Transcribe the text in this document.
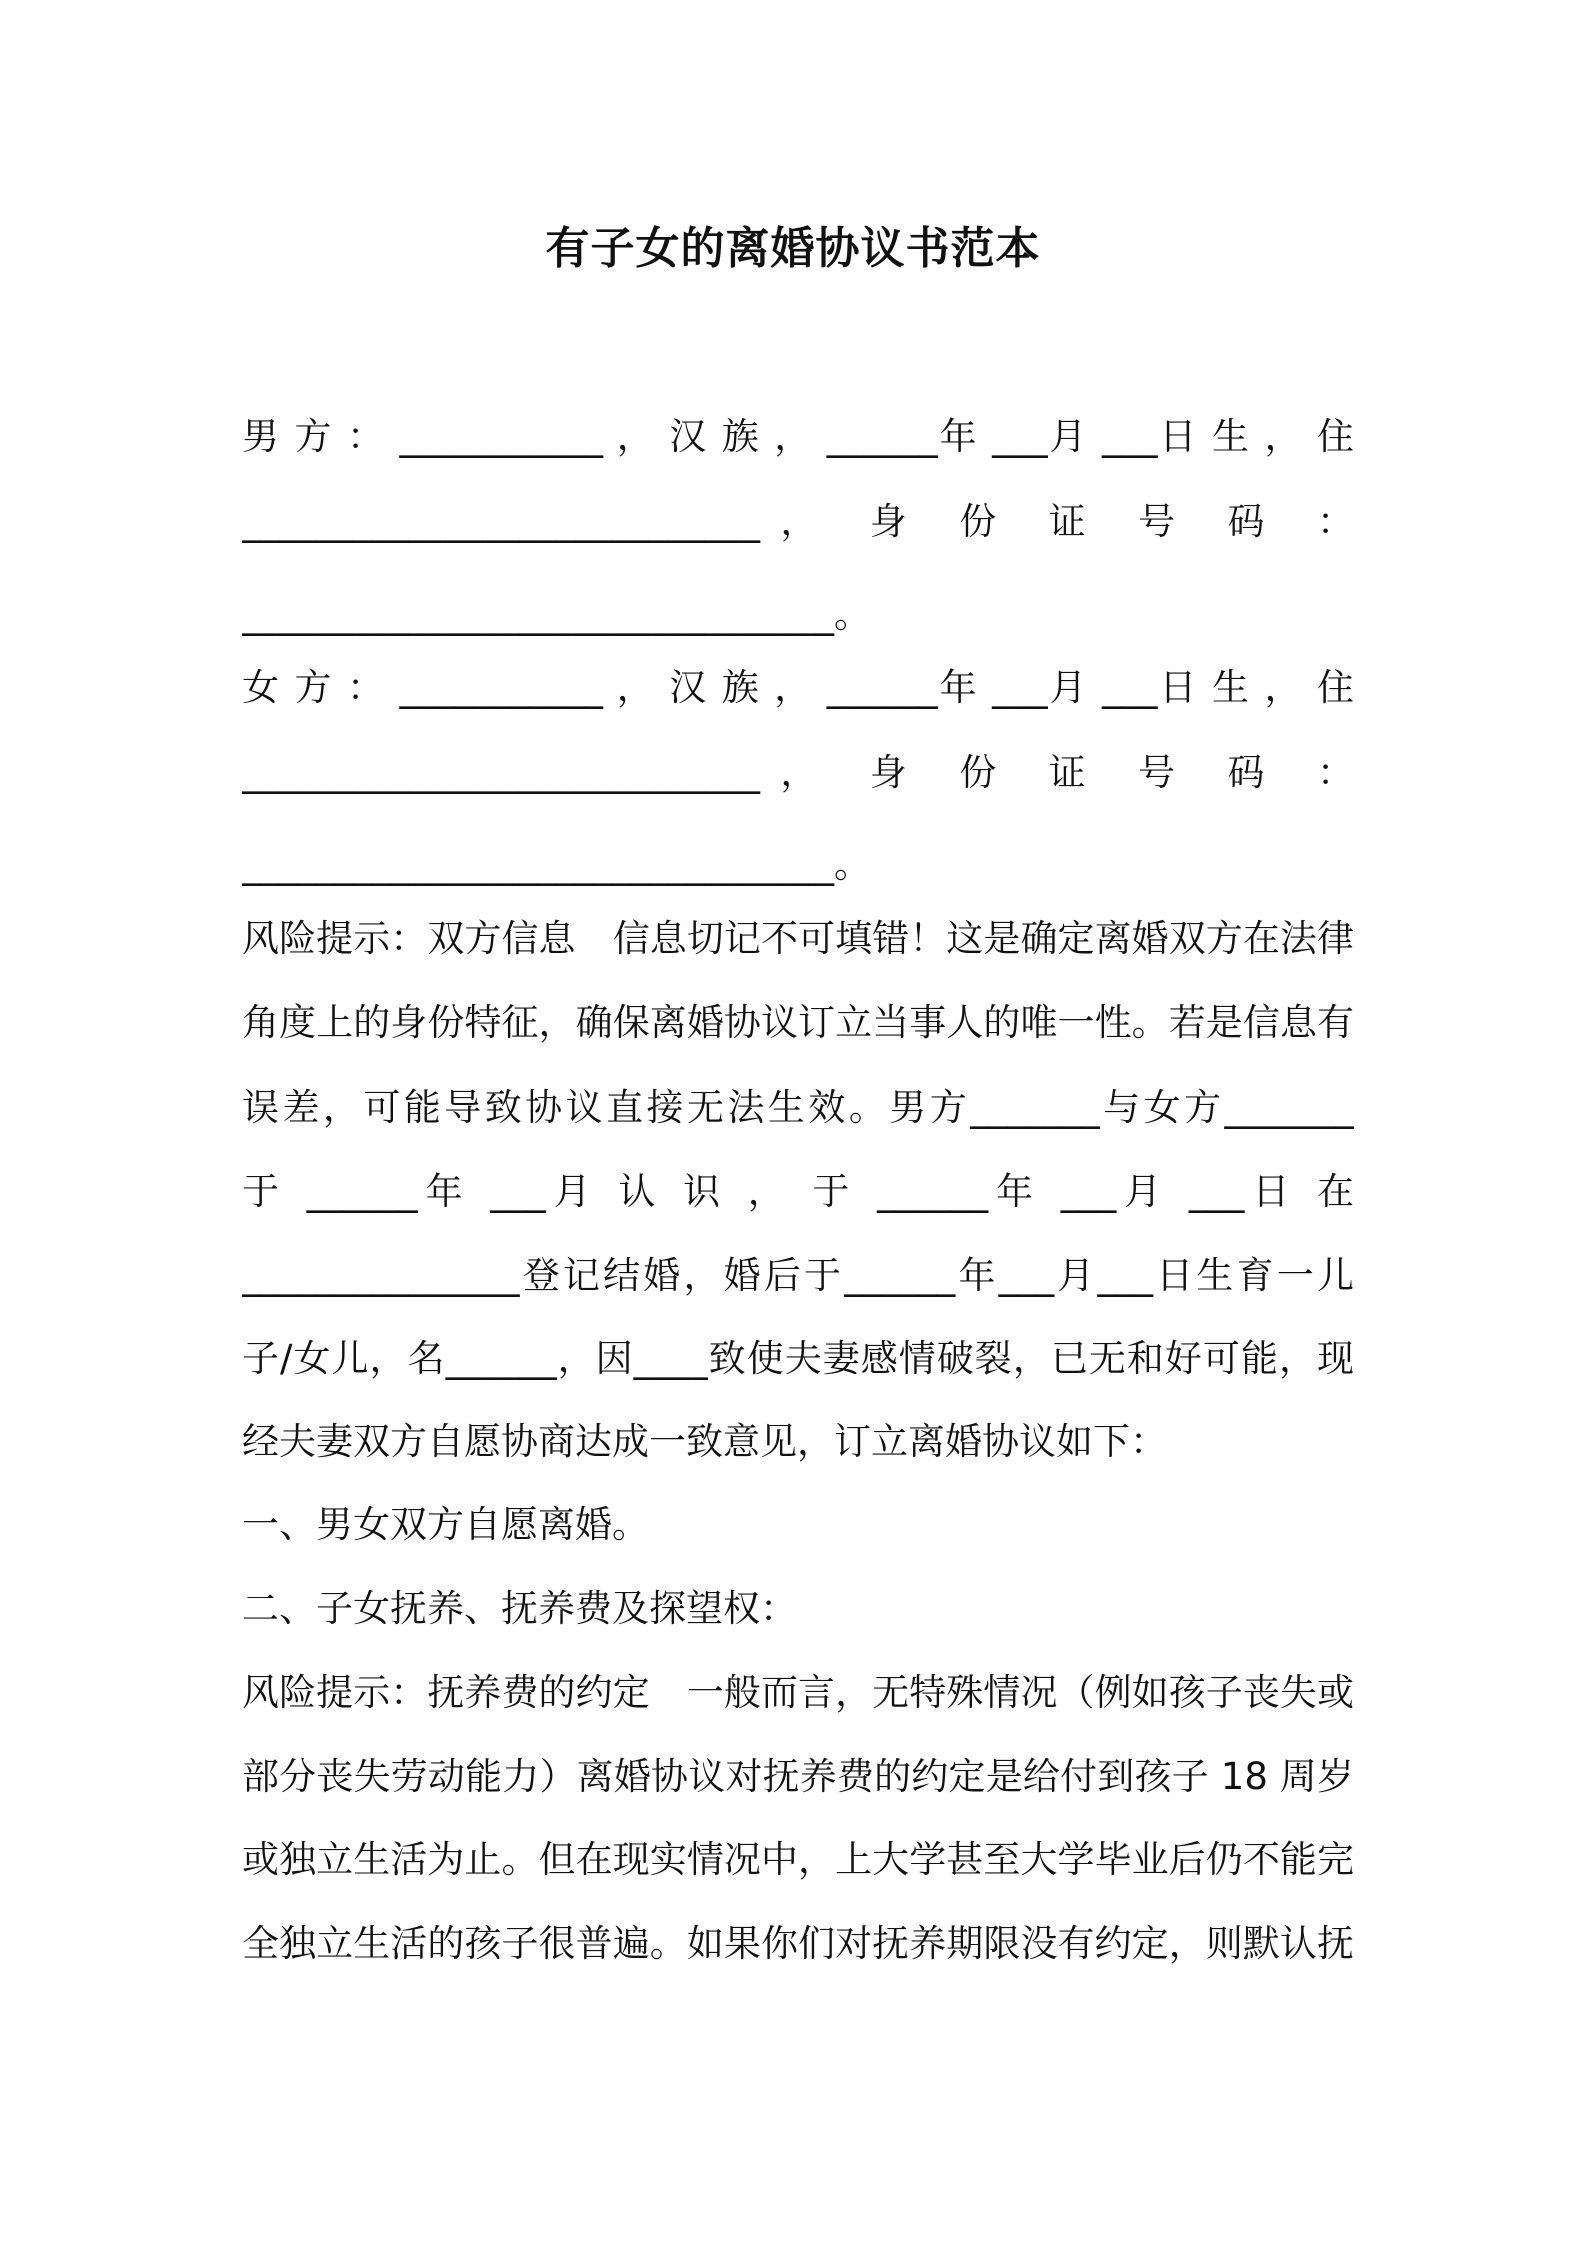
有子女的离婚协议书范本
男 方 ： ___________ ， 汉 族 ， ______年 ___月 ___日 生 ， 住
____________________________， 身 份 证 号 码 ：
________________________________。
女 方 ： ___________ ， 汉 族 ， ______年 ___月 ___日 生 ， 住
____________________________， 身 份 证 号 码 ：
________________________________。
风险提示：双方信息　信息切记不可填错！这是确定离婚双方在法律
角度上的身份特征，确保离婚协议订立当事人的唯一性。若是信息有
误差，可能导致协议直接无法生效。男方_______与女方_______
于 ______年 ___月 认 识 ， 于 ______年 ___月 ___日 在
_______________登记结婚，婚后于______年___月___日生育一儿
子/女儿，名______，因____致使夫妻感情破裂，已无和好可能，现
经夫妻双方自愿协商达成一致意见，订立离婚协议如下：
一、男女双方自愿离婚。
二、子女抚养、抚养费及探望权：
风险提示：抚养费的约定　一般而言，无特殊情况（例如孩子丧失或
部分丧失劳动能力）离婚协议对抚养费的约定是给付到孩子 18 周岁
或独立生活为止。但在现实情况中，上大学甚至大学毕业后仍不能完
全独立生活的孩子很普遍。如果你们对抚养期限没有约定，则默认抚
